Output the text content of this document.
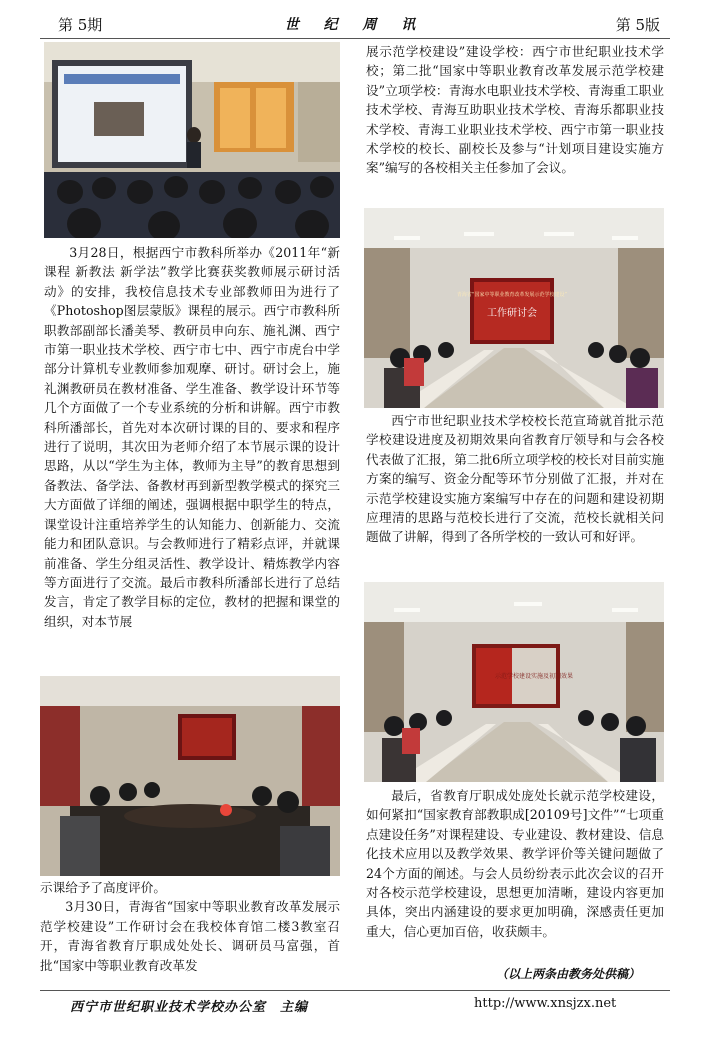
第 5期	世 纪 周 讯	第 5版

3月28日，根据西宁市教科所举办《2011年“新课程 新教法 新学法”教学比赛获奖教师展示研讨活动》的安排，我校信息技术专业部教师田为进行了《Photoshop图层蒙版》课程的展示。西宁市教科所职教部副部长潘美琴、教研员申向东、施礼渊、西宁市第一职业技术学校、西宁市七中、西宁市虎台中学部分计算机专业教师参加观摩、研讨。研讨会上，施礼渊教研员在教材准备、学生准备、教学设计环节等几个方面做了一个专业系统的分析和讲解。西宁市教科所潘部长，首先对本次研讨课的目的、要求和程序进行了说明，其次田为老师介绍了本节展示课的设计思路，从以“学生为主体，教师为主导”的教育思想到备教法、备学法、备教材再到新型教学模式的探究三大方面做了详细的阐述，强调根据中职学生的特点，课堂设计注重培养学生的认知能力、创新能力、交流能力和团队意识。与会教师进行了精彩点评，并就课前准备、学生分组灵活性、教学设计、精炼教学内容等方面进行了交流。最后市教科所潘部长进行了总结发言，肯定了教学目标的定位，教材的把握和课堂的组织，对本节展

示课给予了高度评价。

3月30日，青海省“国家中等职业教育改革发展示范学校建设”工作研讨会在我校体育馆二楼3教室召开，青海省教育厅职成处处长、调研员马富强，首批“国家中等职业教育改革发

展示范学校建设”建设学校：西宁市世纪职业技术学校；第二批“国家中等职业教育改革发展示范学校建设”立项学校：青海水电职业技术学校、青海重工职业技术学校、青海互助职业技术学校、青海乐都职业技术学校、青海工业职业技术学校、西宁市第一职业技术学校的校长、副校长及参与“计划项目建设实施方案”编写的各校相关主任参加了会议。

青海省“国家中等职业教育改革发展示范学校建设”
工作研讨会

西宁市世纪职业技术学校校长范宣琦就首批示范学校建设进度及初期效果向省教育厅领导和与会各校代表做了汇报，第二批6所立项学校的校长对目前实施方案的编写、资金分配等环节分别做了汇报，并对在示范学校建设实施方案编写中存在的问题和建设初期应理清的思路与范校长进行了交流，范校长就相关问题做了讲解，得到了各所学校的一致认可和好评。

示范学校建设实施及初期效果

最后，省教育厅职成处庞处长就示范学校建设，如何紧扣“国家教育部教职成[20109号]文件”“七项重点建设任务”对课程建设、专业建设、教材建设、信息化技术应用以及教学效果、教学评价等关键问题做了24个方面的阐述。与会人员纷纷表示此次会议的召开对各校示范学校建设，思想更加清晰，建设内容更加具体，突出内涵建设的要求更加明确，深感责任更加重大，信心更加百倍，收获颇丰。

（以上两条由教务处供稿）
西宁市世纪职业技术学校办公室　主编	http://www.xnsjzx.net
